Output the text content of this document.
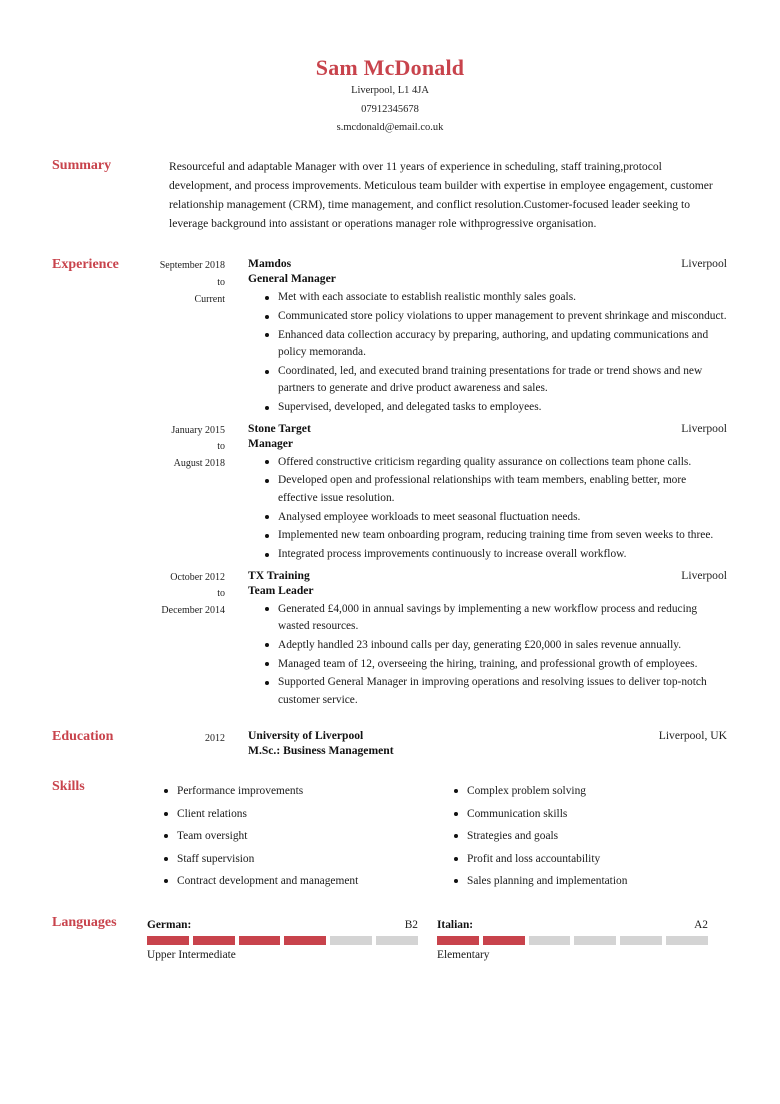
Sam McDonald
Liverpool, L1 4JA
07912345678
s.mcdonald@email.co.uk
Summary	Resourceful and adaptable Manager with over 11 years of experience in scheduling, staff training,protocol development, and process improvements. Meticulous team builder with expertise in employee engagement, customer relationship management (CRM), time management, and conflict resolution.Customer-focused leader seeking to leverage background into assistant or operations manager role withprogressive organisation.
Experience	September 2018
to
Current
Mamdos	Liverpool
General Manager
Met with each associate to establish realistic monthly sales goals.
Communicated store policy violations to upper management to prevent shrinkage and misconduct.
Enhanced data collection accuracy by preparing, authoring, and updating communications and policy memoranda.
Coordinated, led, and executed brand training presentations for trade or trend shows and new partners to generate and drive product awareness and sales.
Supervised, developed, and delegated tasks to employees.
January 2015
to
August 2018
Stone Target	Liverpool
Manager
Offered constructive criticism regarding quality assurance on collections team phone calls.
Developed open and professional relationships with team members, enabling better, more effective issue resolution.
Analysed employee workloads to meet seasonal fluctuation needs.
Implemented new team onboarding program, reducing training time from seven weeks to three.
Integrated process improvements continuously to increase overall workflow.
October 2012
to
December 2014
TX Training	Liverpool
Team Leader
Generated £4,000 in annual savings by implementing a new workflow process and reducing wasted resources.
Adeptly handled 23 inbound calls per day, generating £20,000 in sales revenue annually.
Managed team of 12, overseeing the hiring, training, and professional growth of employees.
Supported General Manager in improving operations and resolving issues to deliver top-notch customer service.
Education	2012 University of Liverpool	Liverpool, UK
M.Sc.: Business Management
Skills	Performance improvements
Client relations
Team oversight
Staff supervision
Contract development and management
Complex problem solving
Communication skills
Strategies and goals
Profit and loss accountability
Sales planning and implementation
Languages	German:	B2
Upper Intermediate
Italian:	A2
Elementary
